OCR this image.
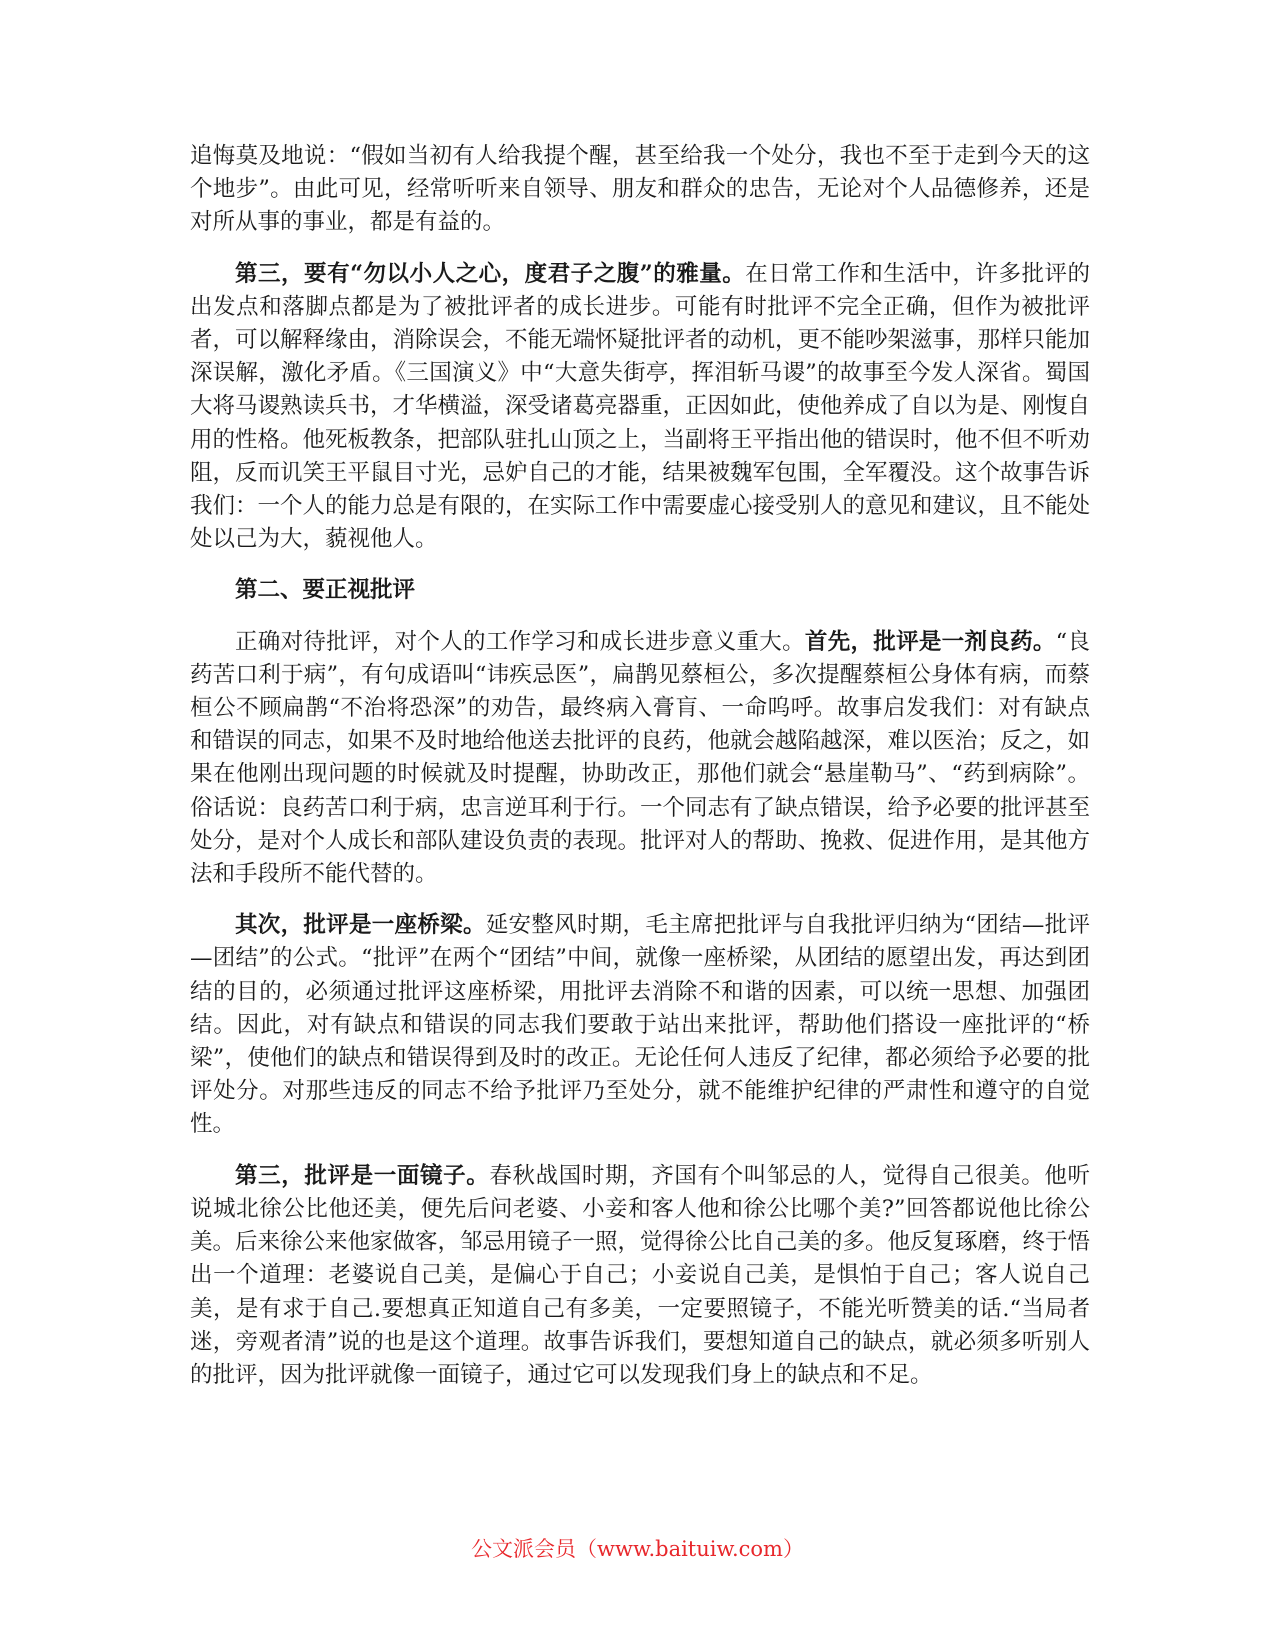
追悔莫及地说：“假如当初有人给我提个醒，甚至给我一个处分，我也不至于走到今天的这个地步”。由此可见，经常听听来自领导、朋友和群众的忠告，无论对个人品德修养，还是对所从事的事业，都是有益的。

第三，要有“勿以小人之心，度君子之腹”的雅量。在日常工作和生活中，许多批评的出发点和落脚点都是为了被批评者的成长进步。可能有时批评不完全正确，但作为被批评者，可以解释缘由，消除误会，不能无端怀疑批评者的动机，更不能吵架滋事，那样只能加深误解，激化矛盾。《三国演义》中“大意失街亭，挥泪斩马谡”的故事至今发人深省。蜀国大将马谡熟读兵书，才华横溢，深受诸葛亮器重，正因如此，使他养成了自以为是、刚愎自用的性格。他死板教条，把部队驻扎山顶之上，当副将王平指出他的错误时，他不但不听劝阻，反而讥笑王平鼠目寸光，忌妒自己的才能，结果被魏军包围，全军覆没。这个故事告诉我们：一个人的能力总是有限的，在实际工作中需要虚心接受别人的意见和建议，且不能处处以己为大，藐视他人。

第二、要正视批评

正确对待批评，对个人的工作学习和成长进步意义重大。首先，批评是一剂良药。“良药苦口利于病”，有句成语叫“讳疾忌医”，扁鹊见蔡桓公，多次提醒蔡桓公身体有病，而蔡桓公不顾扁鹊“不治将恐深”的劝告，最终病入膏肓、一命呜呼。故事启发我们：对有缺点和错误的同志，如果不及时地给他送去批评的良药，他就会越陷越深，难以医治；反之，如果在他刚出现问题的时候就及时提醒，协助改正，那他们就会“悬崖勒马”、“药到病除”。俗话说：良药苦口利于病，忠言逆耳利于行。一个同志有了缺点错误，给予必要的批评甚至处分，是对个人成长和部队建设负责的表现。批评对人的帮助、挽救、促进作用，是其他方法和手段所不能代替的。

其次，批评是一座桥梁。延安整风时期，毛主席把批评与自我批评归纳为“团结—批评—团结”的公式。“批评”在两个“团结”中间，就像一座桥梁，从团结的愿望出发，再达到团结的目的，必须通过批评这座桥梁，用批评去消除不和谐的因素，可以统一思想、加强团结。因此，对有缺点和错误的同志我们要敢于站出来批评，帮助他们搭设一座批评的“桥梁”，使他们的缺点和错误得到及时的改正。无论任何人违反了纪律，都必须给予必要的批评处分。对那些违反的同志不给予批评乃至处分，就不能维护纪律的严肃性和遵守的自觉性。

第三，批评是一面镜子。春秋战国时期，齐国有个叫邹忌的人，觉得自己很美。他听说城北徐公比他还美，便先后问老婆、小妾和客人他和徐公比哪个美?”回答都说他比徐公美。后来徐公来他家做客，邹忌用镜子一照，觉得徐公比自己美的多。他反复琢磨，终于悟出一个道理：老婆说自己美，是偏心于自己；小妾说自己美，是惧怕于自己；客人说自己美，是有求于自己.要想真正知道自己有多美，一定要照镜子，不能光听赞美的话.“当局者迷，旁观者清”说的也是这个道理。故事告诉我们，要想知道自己的缺点，就必须多听别人的批评，因为批评就像一面镜子，通过它可以发现我们身上的缺点和不足。

公文派会员（www.baituiw.com）
